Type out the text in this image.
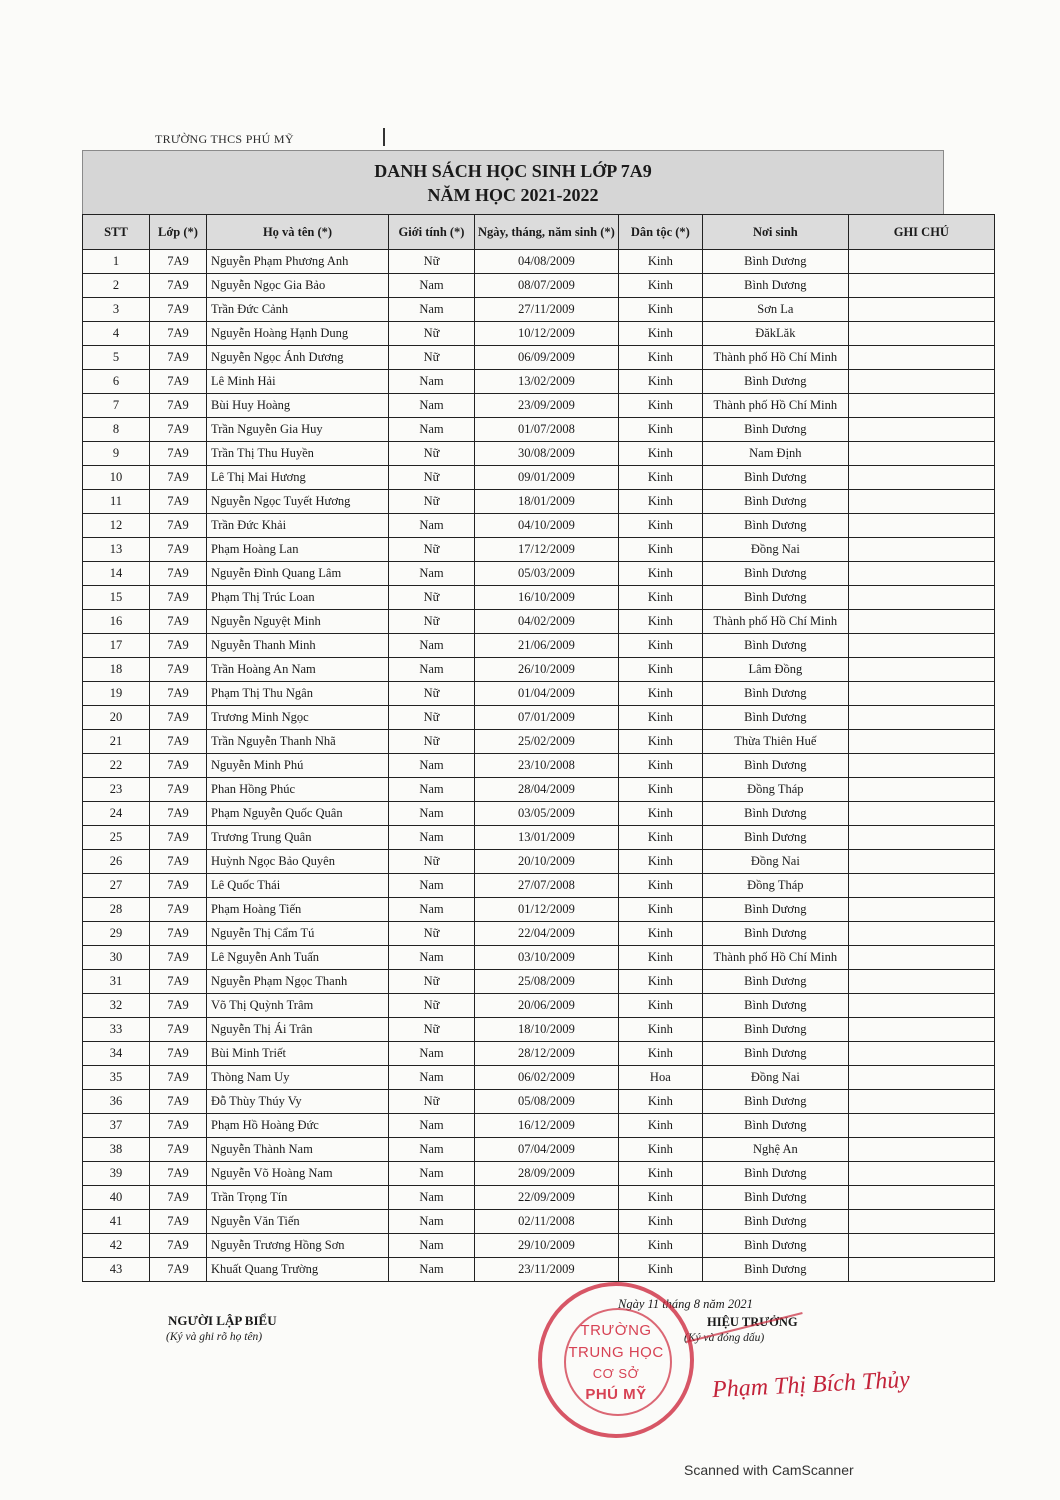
TRƯỜNG THCS PHÚ MỸ
DANH SÁCH HỌC SINH LỚP 7A9
NĂM HỌC 2021-2022
STT	Lớp (*)	Họ và tên (*)	Giới tính (*)	Ngày, tháng, năm sinh (*)	Dân tộc (*)	Nơi sinh	GHI CHÚ
1	7A9	Nguyễn Phạm Phương Anh	Nữ	04/08/2009	Kinh	Bình Dương	
2	7A9	Nguyễn Ngọc Gia Bảo	Nam	08/07/2009	Kinh	Bình Dương	
3	7A9	Trần Đức Cảnh	Nam	27/11/2009	Kinh	Sơn La	
4	7A9	Nguyễn Hoàng Hạnh Dung	Nữ	10/12/2009	Kinh	ĐăkLăk	
5	7A9	Nguyễn Ngọc Ánh Dương	Nữ	06/09/2009	Kinh	Thành phố Hồ Chí Minh	
6	7A9	Lê Minh Hải	Nam	13/02/2009	Kinh	Bình Dương	
7	7A9	Bùi Huy Hoàng	Nam	23/09/2009	Kinh	Thành phố Hồ Chí Minh	
8	7A9	Trần Nguyễn Gia Huy	Nam	01/07/2008	Kinh	Bình Dương	
9	7A9	Trần Thị Thu Huyền	Nữ	30/08/2009	Kinh	Nam Định	
10	7A9	Lê Thị Mai Hương	Nữ	09/01/2009	Kinh	Bình Dương	
11	7A9	Nguyễn Ngọc Tuyết Hương	Nữ	18/01/2009	Kinh	Bình Dương	
12	7A9	Trần Đức Khải	Nam	04/10/2009	Kinh	Bình Dương	
13	7A9	Phạm Hoàng Lan	Nữ	17/12/2009	Kinh	Đồng Nai	
14	7A9	Nguyễn Đình Quang Lâm	Nam	05/03/2009	Kinh	Bình Dương	
15	7A9	Phạm Thị Trúc Loan	Nữ	16/10/2009	Kinh	Bình Dương	
16	7A9	Nguyễn Nguyệt Minh	Nữ	04/02/2009	Kinh	Thành phố Hồ Chí Minh	
17	7A9	Nguyễn Thanh Minh	Nam	21/06/2009	Kinh	Bình Dương	
18	7A9	Trần Hoàng An Nam	Nam	26/10/2009	Kinh	Lâm Đồng	
19	7A9	Phạm Thị Thu Ngân	Nữ	01/04/2009	Kinh	Bình Dương	
20	7A9	Trương Minh Ngọc	Nữ	07/01/2009	Kinh	Bình Dương	
21	7A9	Trần Nguyễn Thanh Nhã	Nữ	25/02/2009	Kinh	Thừa Thiên Huế	
22	7A9	Nguyễn Minh Phú	Nam	23/10/2008	Kinh	Bình Dương	
23	7A9	Phan Hồng Phúc	Nam	28/04/2009	Kinh	Đồng Tháp	
24	7A9	Phạm Nguyễn Quốc Quân	Nam	03/05/2009	Kinh	Bình Dương	
25	7A9	Trương Trung Quân	Nam	13/01/2009	Kinh	Bình Dương	
26	7A9	Huỳnh Ngọc Bảo Quyên	Nữ	20/10/2009	Kinh	Đồng Nai	
27	7A9	Lê Quốc Thái	Nam	27/07/2008	Kinh	Đồng Tháp	
28	7A9	Phạm Hoàng Tiến	Nam	01/12/2009	Kinh	Bình Dương	
29	7A9	Nguyễn Thị Cẩm Tú	Nữ	22/04/2009	Kinh	Bình Dương	
30	7A9	Lê Nguyễn Anh Tuấn	Nam	03/10/2009	Kinh	Thành phố Hồ Chí Minh	
31	7A9	Nguyễn Phạm Ngọc Thanh	Nữ	25/08/2009	Kinh	Bình Dương	
32	7A9	Võ Thị Quỳnh Trâm	Nữ	20/06/2009	Kinh	Bình Dương	
33	7A9	Nguyễn Thị Ái Trân	Nữ	18/10/2009	Kinh	Bình Dương	
34	7A9	Bùi Minh Triết	Nam	28/12/2009	Kinh	Bình Dương	
35	7A9	Thòng Nam Uy	Nam	06/02/2009	Hoa	Đồng Nai	
36	7A9	Đỗ Thùy Thúy Vy	Nữ	05/08/2009	Kinh	Bình Dương	
37	7A9	Phạm Hồ Hoàng Đức	Nam	16/12/2009	Kinh	Bình Dương	
38	7A9	Nguyễn Thành Nam	Nam	07/04/2009	Kinh	Nghệ An	
39	7A9	Nguyễn Võ Hoàng Nam	Nam	28/09/2009	Kinh	Bình Dương	
40	7A9	Trần Trọng Tín	Nam	22/09/2009	Kinh	Bình Dương	
41	7A9	Nguyễn Văn Tiến	Nam	02/11/2008	Kinh	Bình Dương	
42	7A9	Nguyễn Trương Hồng Sơn	Nam	29/10/2009	Kinh	Bình Dương	
43	7A9	Khuất Quang Trường	Nam	23/11/2009	Kinh	Bình Dương	
NGƯỜI LẬP BIỂU
(Ký và ghi rõ họ tên)
Ngày 11 tháng 8 năm 2021
HIỆU TRƯỞNG
(Ký và đóng dấu)
TRƯỜNG
TRUNG HỌC
CƠ SỞ
PHÚ MỸ	Phạm Thị Bích Thủy
Scanned with CamScanner
